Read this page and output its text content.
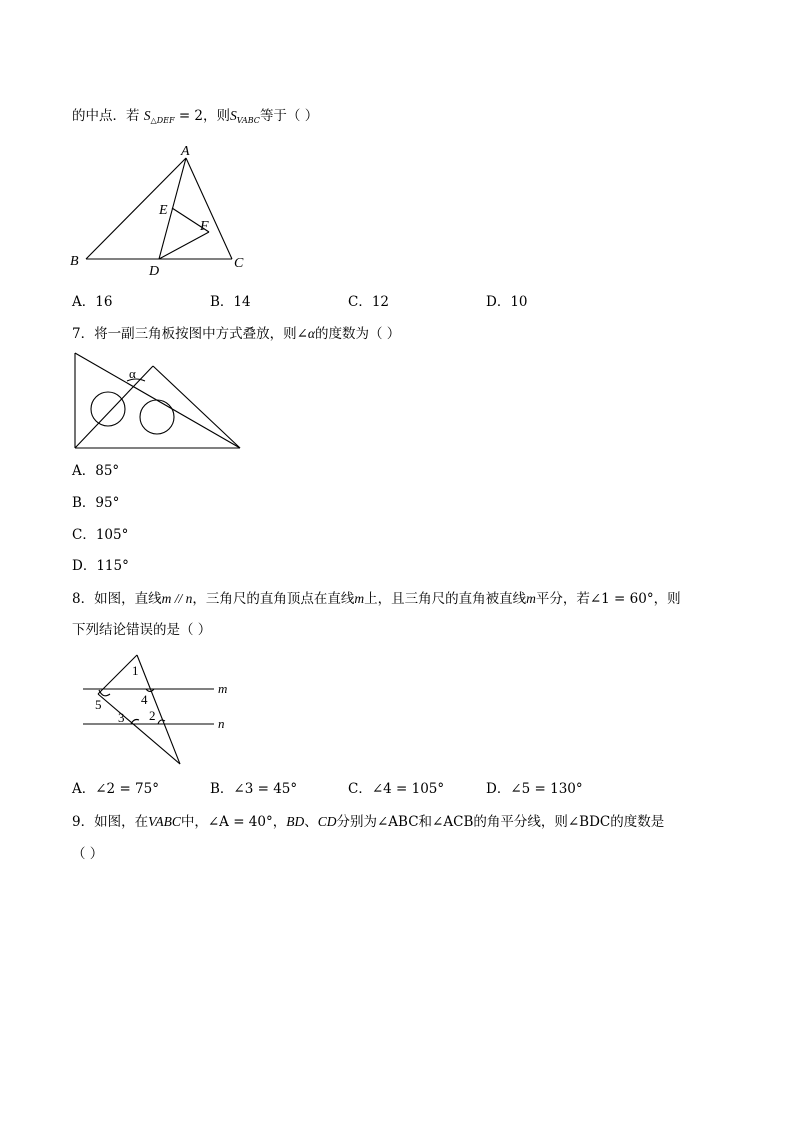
的中点．若 $S_{\triangle DEF} = 2$，则$S_{VABC}$等于（ ）
A
B	C
D
E
F
A．16	B．14	C．12	D．10
7．将一副三角板按图中方式叠放，则∠α的度数为（ ）
α
A．85°
B．95°
C．105°
D．115°
8．如图，直线m // n，三角尺的直角顶点在直线m上，且三角尺的直角被直线m平分，若∠1 = 60°，则
下列结论错误的是（ ）
1
2
3
4
5
m
n
A．∠2 = 75°	B．∠3 = 45°	C．∠4 = 105°	D．∠5 = 130°
9．如图，在VABC中，∠A = 40°，BD、CD分别为∠ABC和∠ACB的角平分线，则∠BDC的度数是
（ ）
